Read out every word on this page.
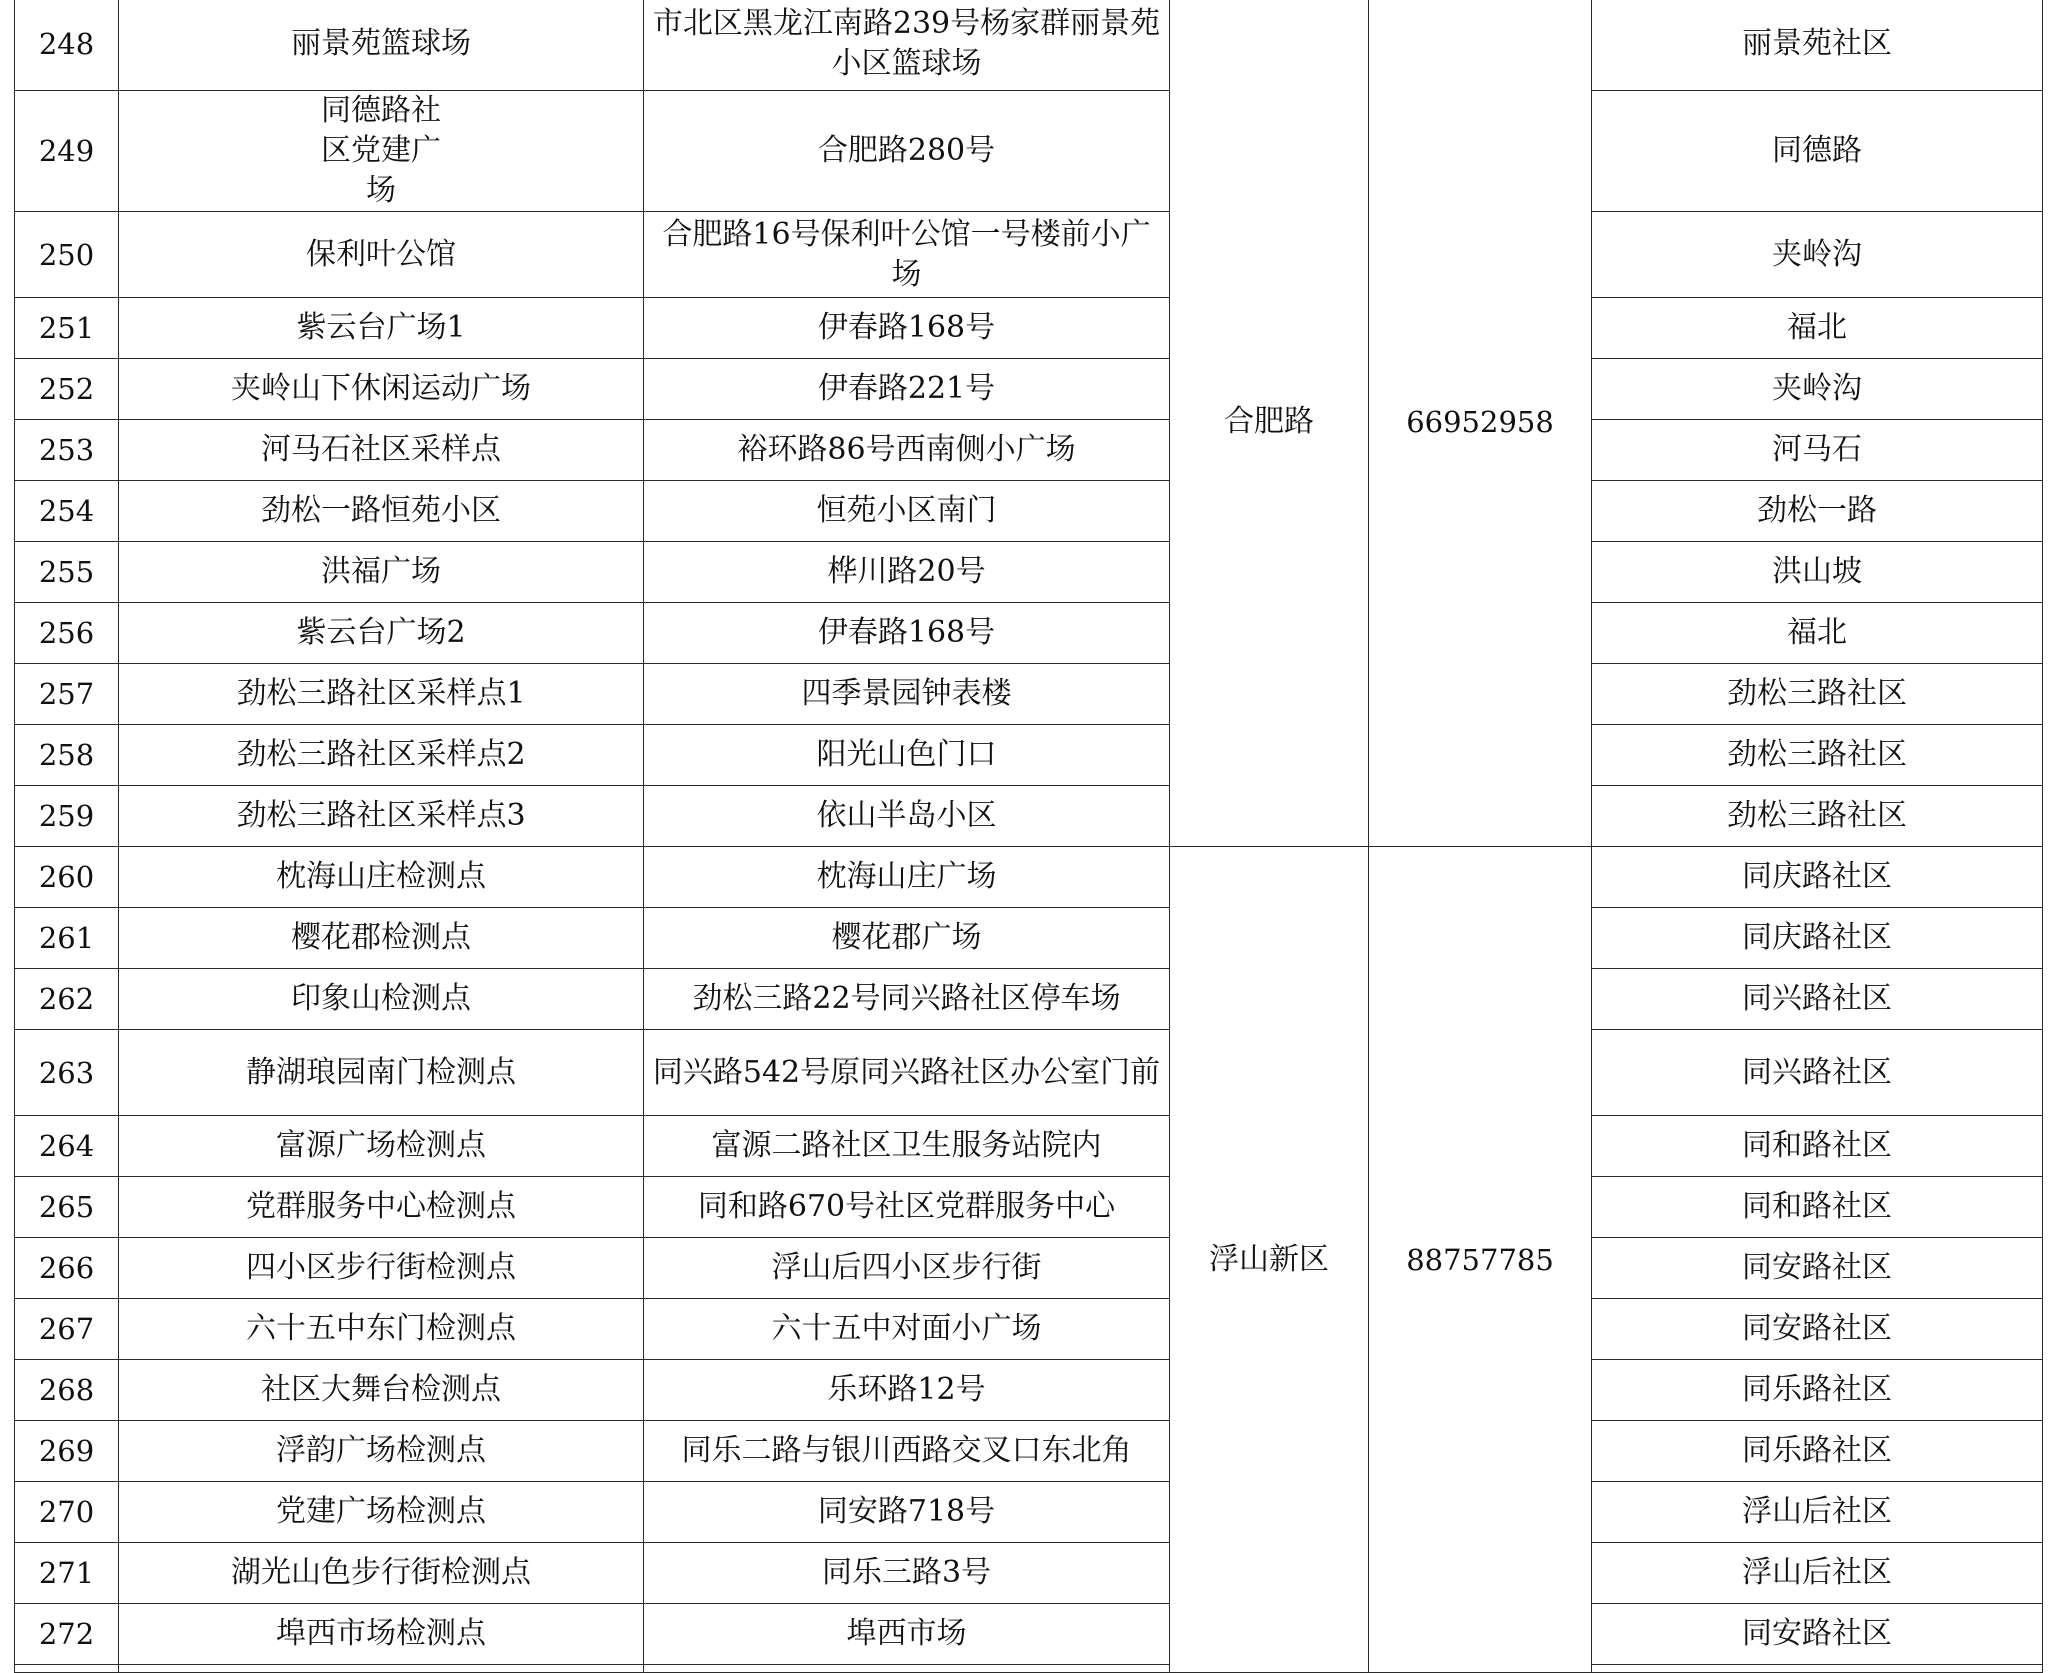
248	丽景苑篮球场	市北区黑龙江南路239号杨家群丽景苑小区篮球场	合肥路	66952958	丽景苑社区
249	同德路社区党建广场	合肥路280号			同德路
250	保利叶公馆	合肥路16号保利叶公馆一号楼前小广场			夹岭沟
251	紫云台广场1	伊春路168号			福北
252	夹岭山下休闲运动广场	伊春路221号			夹岭沟
253	河马石社区采样点	裕环路86号西南侧小广场			河马石
254	劲松一路恒苑小区	恒苑小区南门			劲松一路
255	洪福广场	桦川路20号			洪山坡
256	紫云台广场2	伊春路168号			福北
257	劲松三路社区采样点1	四季景园钟表楼			劲松三路社区
258	劲松三路社区采样点2	阳光山色门口			劲松三路社区
259	劲松三路社区采样点3	依山半岛小区			劲松三路社区
260	枕海山庄检测点	枕海山庄广场	浮山新区	88757785	同庆路社区
261	樱花郡检测点	樱花郡广场			同庆路社区
262	印象山检测点	劲松三路22号同兴路社区停车场			同兴路社区
263	静湖琅园南门检测点	同兴路542号原同兴路社区办公室门前			同兴路社区
264	富源广场检测点	富源二路社区卫生服务站院内			同和路社区
265	党群服务中心检测点	同和路670号社区党群服务中心			同和路社区
266	四小区步行街检测点	浮山后四小区步行街			同安路社区
267	六十五中东门检测点	六十五中对面小广场			同安路社区
268	社区大舞台检测点	乐环路12号			同乐路社区
269	浮韵广场检测点	同乐二路与银川西路交叉口东北角			同乐路社区
270	党建广场检测点	同安路718号			浮山后社区
271	湖光山色步行街检测点	同乐三路3号			浮山后社区
272	埠西市场检测点	埠西市场			同安路社区
